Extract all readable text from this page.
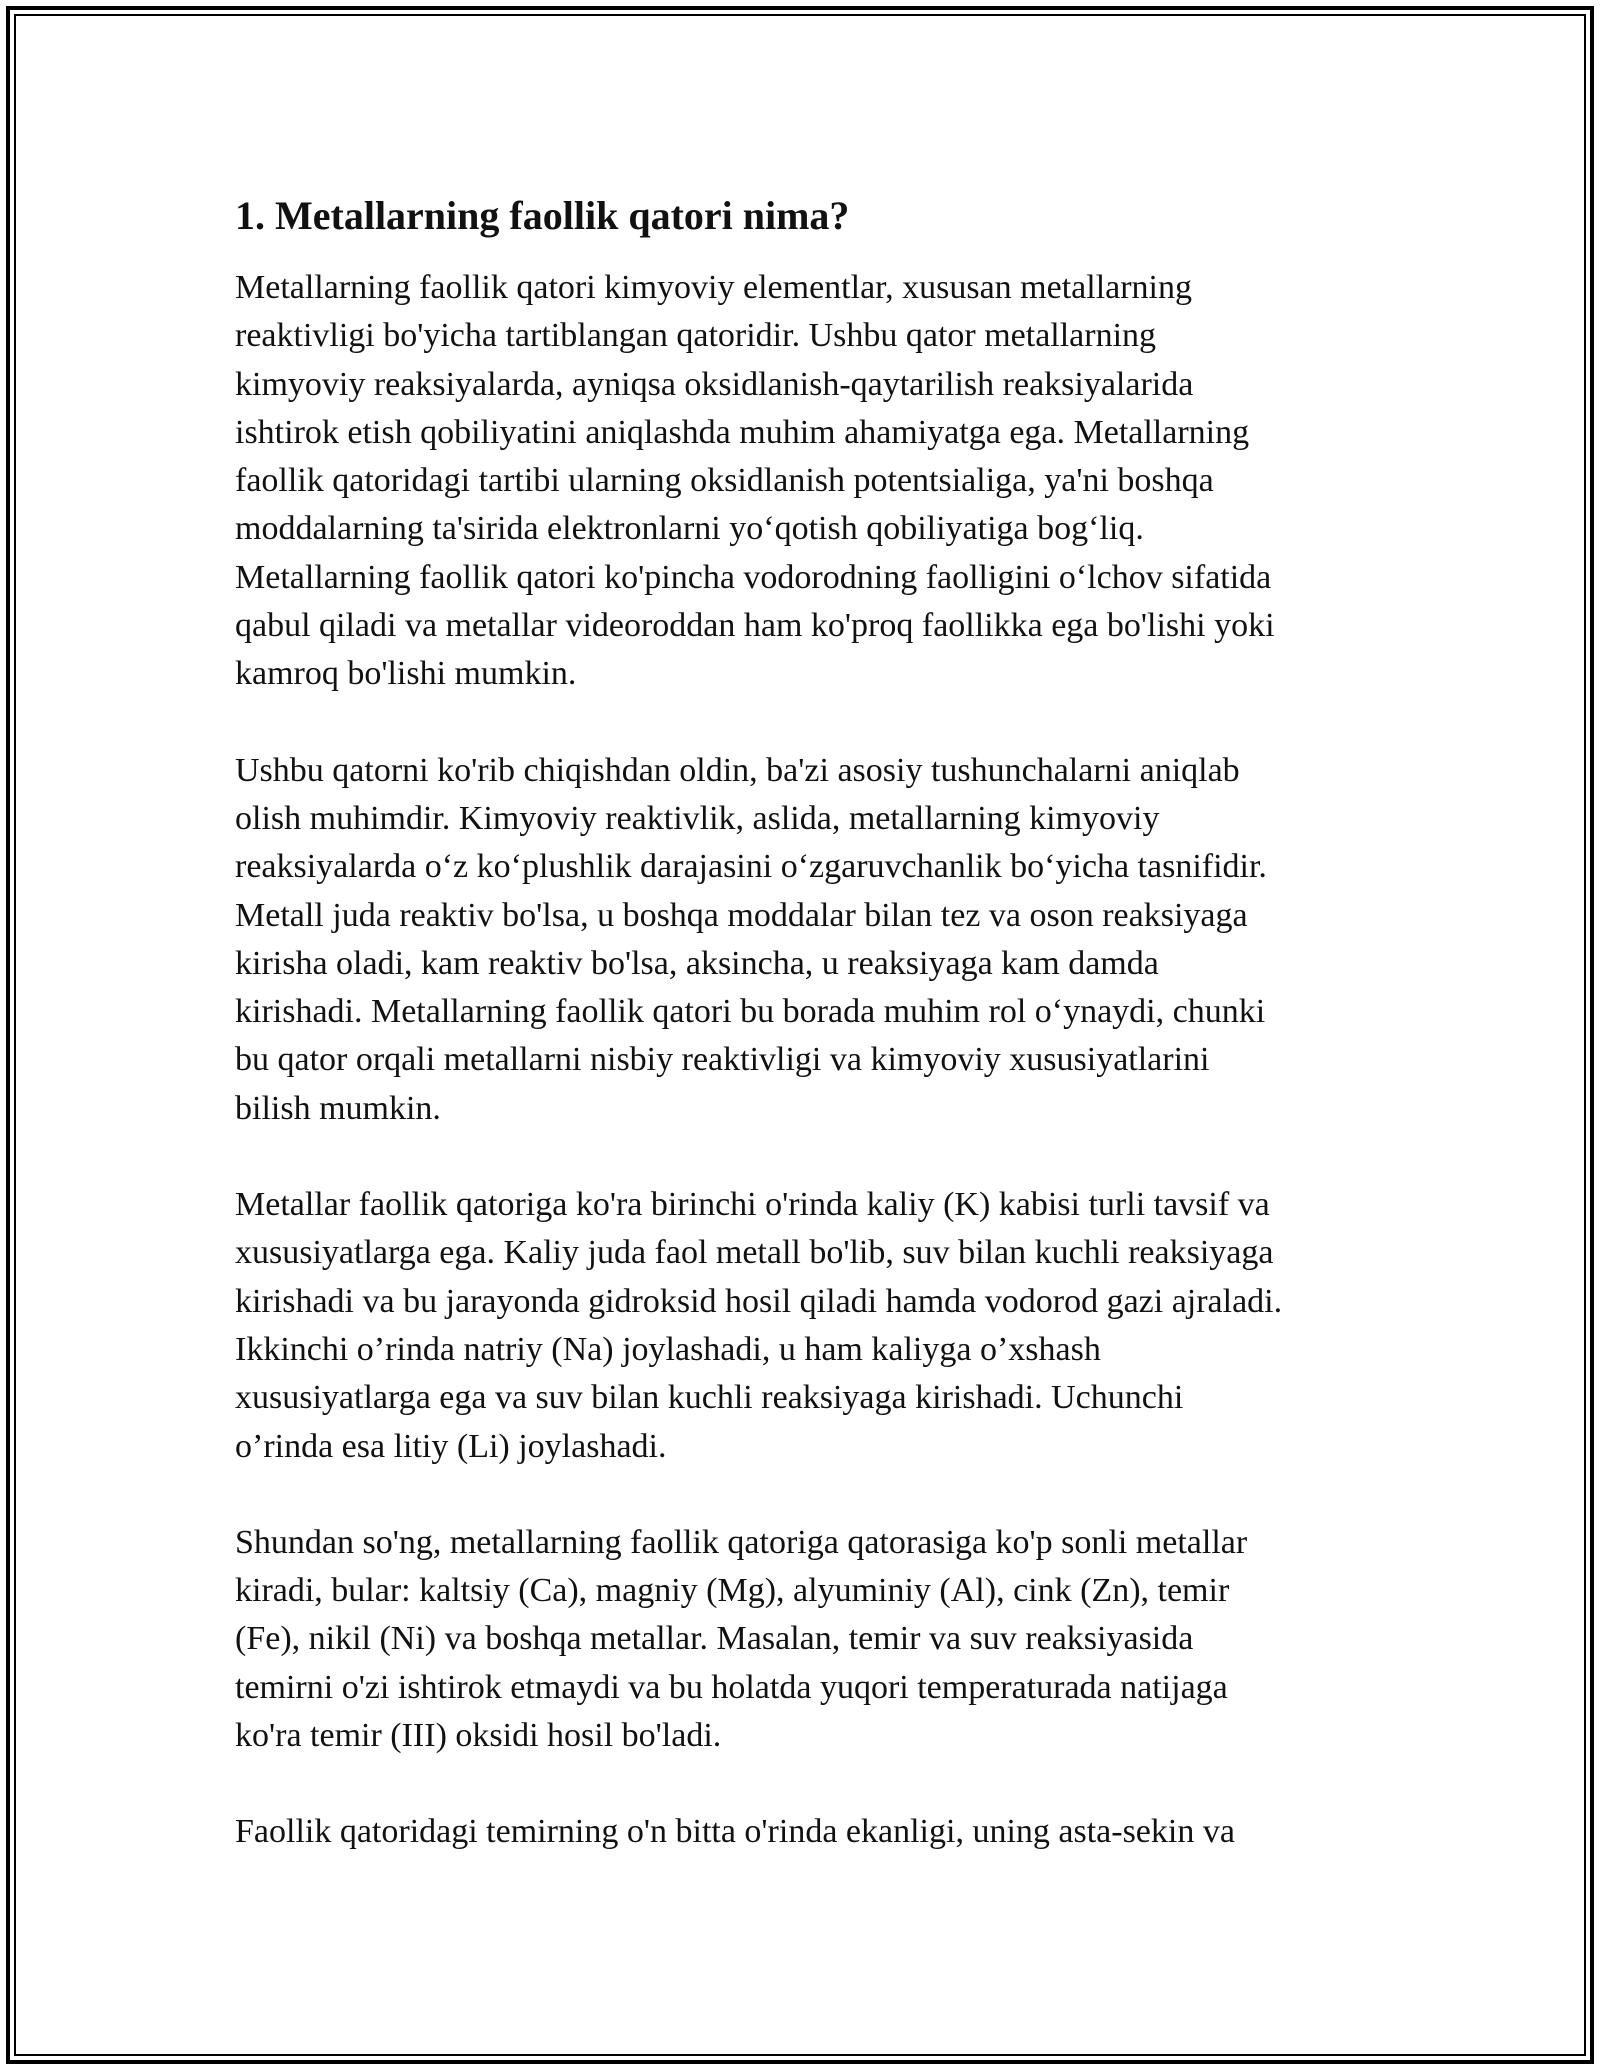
1. Metallarning faollik qatori nima?

Metallarning faollik qatori kimyoviy elementlar, xususan metallarning
reaktivligi bo'yicha tartiblangan qatoridir. Ushbu qator metallarning
kimyoviy reaksiyalarda, ayniqsa oksidlanish-qaytarilish reaksiyalarida
ishtirok etish qobiliyatini aniqlashda muhim ahamiyatga ega. Metallarning
faollik qatoridagi tartibi ularning oksidlanish potentsialiga, ya'ni boshqa
moddalarning ta'sirida elektronlarni yo‘qotish qobiliyatiga bog‘liq.
Metallarning faollik qatori ko'pincha vodorodning faolligini o‘lchov sifatida
qabul qiladi va metallar videoroddan ham ko'proq faollikka ega bo'lishi yoki
kamroq bo'lishi mumkin.

Ushbu qatorni ko'rib chiqishdan oldin, ba'zi asosiy tushunchalarni aniqlab
olish muhimdir. Kimyoviy reaktivlik, aslida, metallarning kimyoviy
reaksiyalarda o‘z ko‘plushlik darajasini o‘zgaruvchanlik bo‘yicha tasnifidir.
Metall juda reaktiv bo'lsa, u boshqa moddalar bilan tez va oson reaksiyaga
kirisha oladi, kam reaktiv bo'lsa, aksincha, u reaksiyaga kam damda
kirishadi. Metallarning faollik qatori bu borada muhim rol o‘ynaydi, chunki
bu qator orqali metallarni nisbiy reaktivligi va kimyoviy xususiyatlarini
bilish mumkin.

Metallar faollik qatoriga ko'ra birinchi o'rinda kaliy (K) kabisi turli tavsif va
xususiyatlarga ega. Kaliy juda faol metall bo'lib, suv bilan kuchli reaksiyaga
kirishadi va bu jarayonda gidroksid hosil qiladi hamda vodorod gazi ajraladi.
Ikkinchi o’rinda natriy (Na) joylashadi, u ham kaliyga o’xshash
xususiyatlarga ega va suv bilan kuchli reaksiyaga kirishadi. Uchunchi
o’rinda esa litiy (Li) joylashadi.

Shundan so'ng, metallarning faollik qatoriga qatorasiga ko'p sonli metallar
kiradi, bular: kaltsiy (Ca), magniy (Mg), alyuminiy (Al), cink (Zn), temir
(Fe), nikil (Ni) va boshqa metallar. Masalan, temir va suv reaksiyasida
temirni o'zi ishtirok etmaydi va bu holatda yuqori temperaturada natijaga
ko'ra temir (III) oksidi hosil bo'ladi.

Faollik qatoridagi temirning o'n bitta o'rinda ekanligi, uning asta-sekin va
